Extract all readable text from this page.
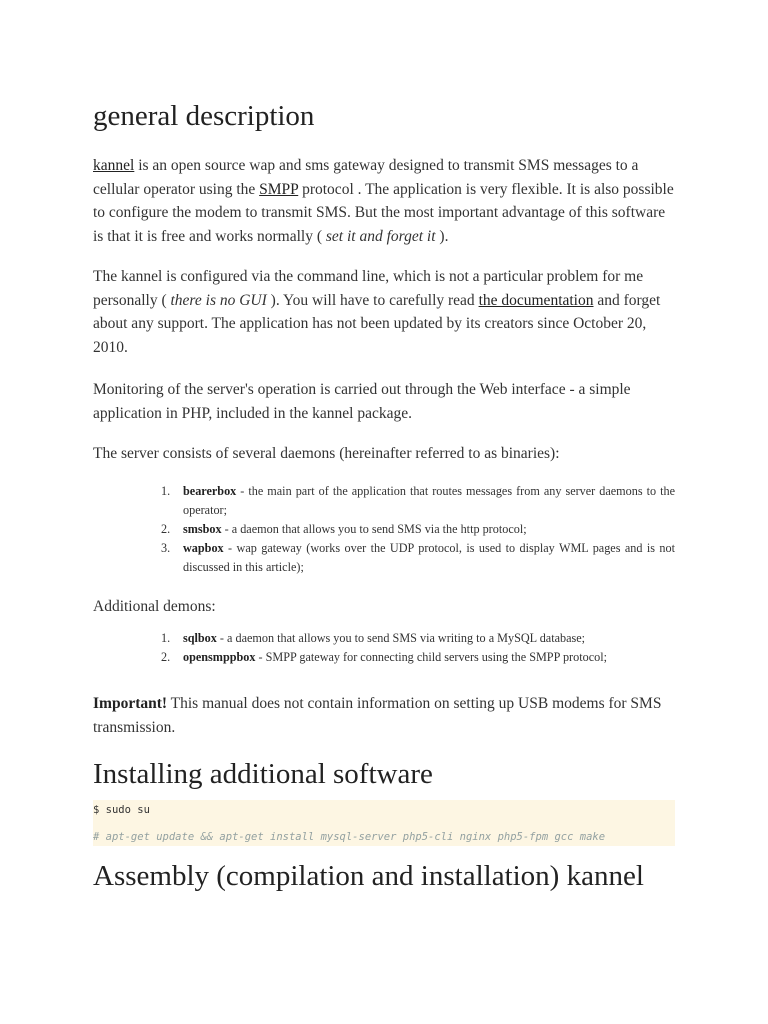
general description

kannel is an open source wap and sms gateway designed to transmit SMS messages to a cellular operator using the SMPP protocol . The application is very flexible. It is also possible to configure the modem to transmit SMS. But the most important advantage of this software is that it is free and works normally ( set it and forget it ).

The kannel is configured via the command line, which is not a particular problem for me personally ( there is no GUI ). You will have to carefully read the documentation and forget about any support. The application has not been updated by its creators since October 20, 2010.

Monitoring of the server's operation is carried out through the Web interface - a simple application in PHP, included in the kannel package.

The server consists of several daemons (hereinafter referred to as binaries):

1. bearerbox - the main part of the application that routes messages from any server daemons to the operator;
2. smsbox - a daemon that allows you to send SMS via the http protocol;
3. wapbox - wap gateway (works over the UDP protocol, is used to display WML pages and is not discussed in this article);

Additional demons:

1. sqlbox - a daemon that allows you to send SMS via writing to a MySQL database;
2. opensmppbox - SMPP gateway for connecting child servers using the SMPP protocol;

Important! This manual does not contain information on setting up USB modems for SMS transmission.

Installing additional software
$ sudo su
# apt-get update && apt-get install mysql-server php5-cli nginx php5-fpm gcc make
Assembly (compilation and installation) kannel
